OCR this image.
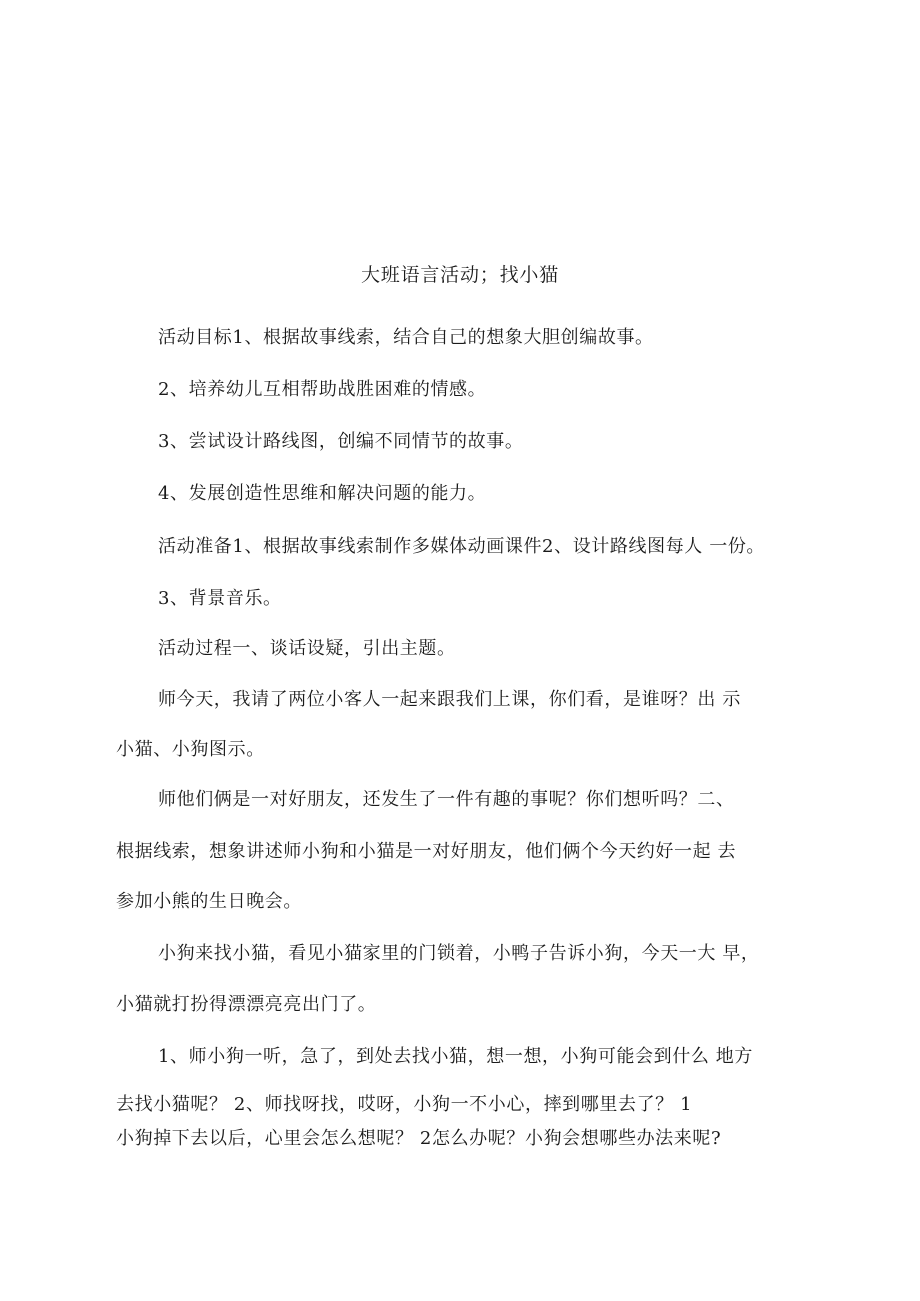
大班语言活动；找小猫
活动目标1、根据故事线索，结合自己的想象大胆创编故事。
2、培养幼儿互相帮助战胜困难的情感。
3、尝试设计路线图，创编不同情节的故事。
4、发展创造性思维和解决问题的能力。
活动准备1、根据故事线索制作多媒体动画课件2、设计路线图每人 一份。
3、背景音乐。
活动过程一、谈话设疑，引出主题。
师今天，我请了两位小客人一起来跟我们上课，你们看，是谁呀？出 示
小猫、小狗图示。
师他们俩是一对好朋友，还发生了一件有趣的事呢？你们想听吗？二、
根据线索，想象讲述师小狗和小猫是一对好朋友，他们俩个今天约好一起 去
参加小熊的生日晚会。
小狗来找小猫，看见小猫家里的门锁着，小鸭子告诉小狗，今天一大 早，
小猫就打扮得漂漂亮亮出门了。
1、师小狗一听，急了，到处去找小猫，想一想，小狗可能会到什么 地方
去找小猫呢？ 2、师找呀找，哎呀，小狗一不小心，摔到哪里去了？ 1
小狗掉下去以后，心里会怎么想呢？ 2怎么办呢？小狗会想哪些办法来呢?
